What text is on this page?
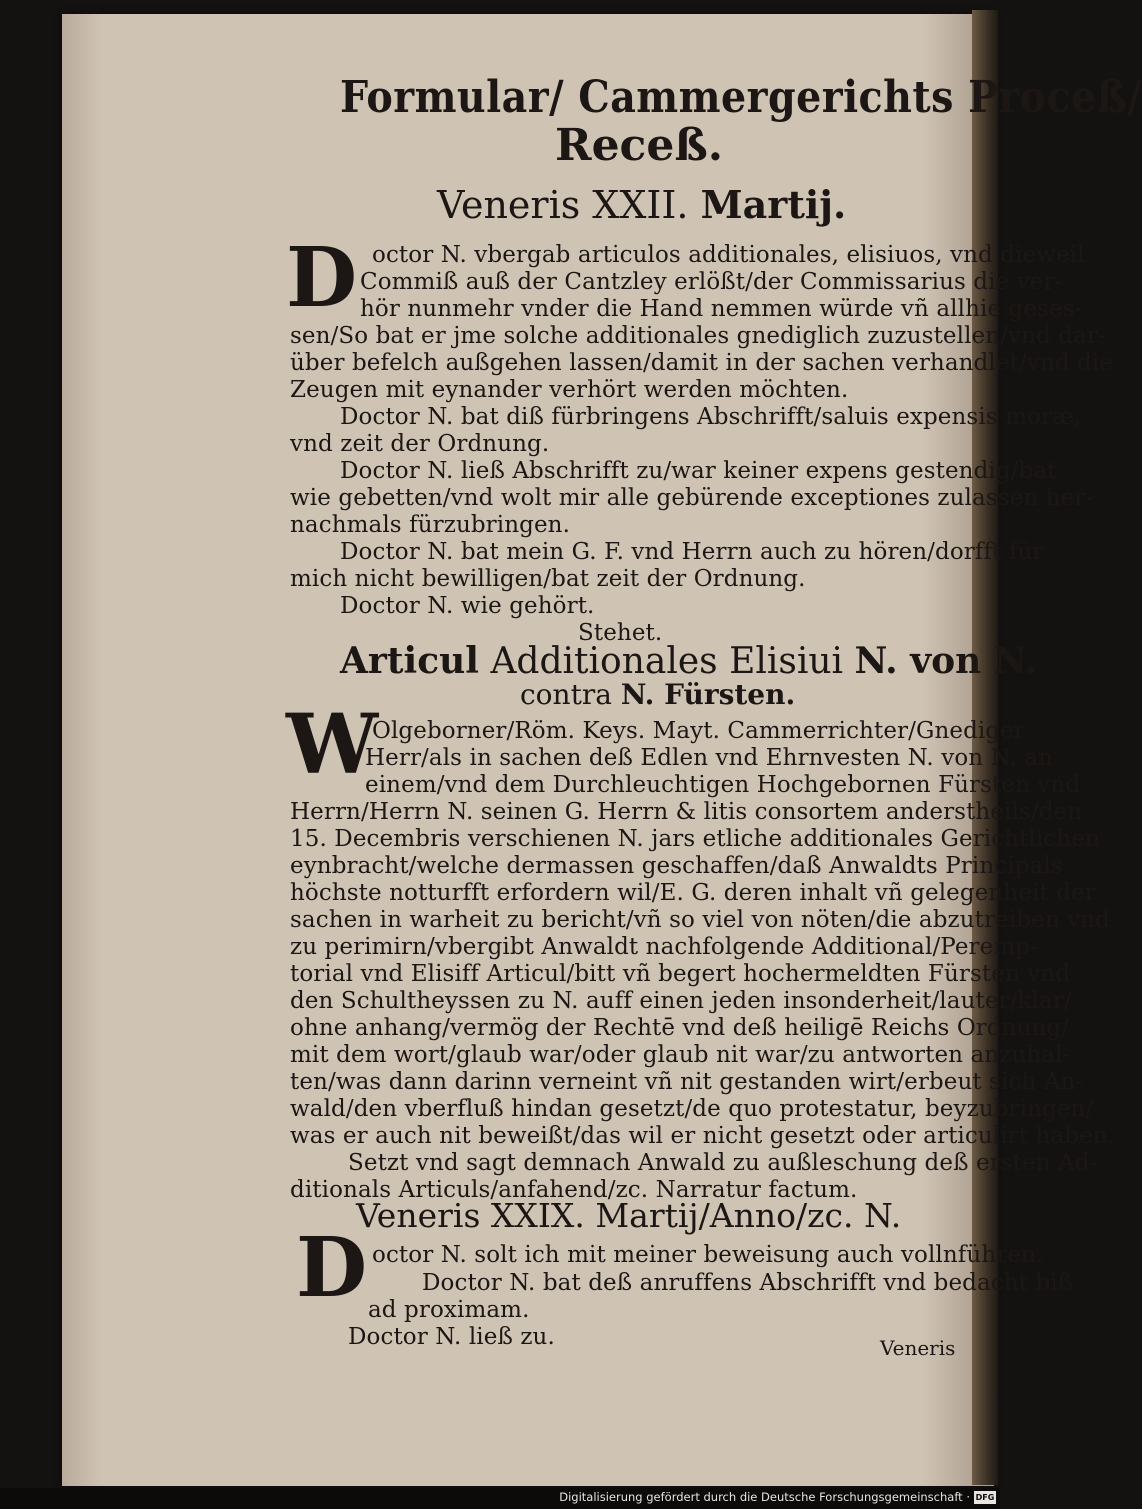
Formular/ Cammergerichts Proceß/
Receß.
Veneris XXII. Martij.
D octor N. vbergab articulos additionales, elisiuos, vnd dieweil
Commiß auß der Cantzley erlößt/der Commissarius die ver-
hör nunmehr vnder die Hand nemmen würde vñ allhie geses-
sen/So bat er jme solche additionales gnediglich zuzustellen/vnd dar-
über befelch außgehen lassen/damit in der sachen verhandlet/vnd die
Zeugen mit eynander verhört werden möchten.
Doctor N. bat diß fürbringens Abschrifft/saluis expensis moræ,
vnd zeit der Ordnung.
Doctor N. ließ Abschrifft zu/war keiner expens gestendig/bat
wie gebetten/vnd wolt mir alle gebürende exceptiones zulassen her-
nachmals fürzubringen.
Doctor N. bat mein G. F. vnd Herrn auch zu hören/dorfft für
mich nicht bewilligen/bat zeit der Ordnung.
Doctor N. wie gehört.
Stehet.
Articul Additionales Elisiui N. von N.
contra N. Fürsten.
W
Olgeborner/Röm. Keys. Mayt. Cammerrichter/Gnediger
Herr/als in sachen deß Edlen vnd Ehrnvesten N. von N. an
einem/vnd dem Durchleuchtigen Hochgebornen Fürsten vnd
Herrn/Herrn N. seinen G. Herrn & litis consortem anderstheils/den
15. Decembris verschienen N. jars etliche additionales Gerichtlichen
eynbracht/welche dermassen geschaffen/daß Anwaldts Principals
höchste notturfft erfordern wil/E. G. deren inhalt vñ gelegenheit der
sachen in warheit zu bericht/vñ so viel von nöten/die abzutreiben vnd
zu perimirn/vbergibt Anwaldt nachfolgende Additional/Peremp-
torial vnd Elisiff Articul/bitt vñ begert hochermeldten Fürsten vnd
den Schultheyssen zu N. auff einen jeden insonderheit/lauter/klar/
ohne anhang/vermög der Rechtē vnd deß heiligē Reichs Ordnung/
mit dem wort/glaub war/oder glaub nit war/zu antworten anzuhal-
ten/was dann darinn verneint vñ nit gestanden wirt/erbeut sich An-
wald/den vberfluß hindan gesetzt/de quo protestatur, beyzubringen/
was er auch nit beweißt/das wil er nicht gesetzt oder articulirt haben.
Setzt vnd sagt demnach Anwald zu außleschung deß ersten Ad-
ditionals Articuls/anfahend/zc. Narratur factum.
Veneris XXIX. Martij/Anno/zc. N.
D octor N. solt ich mit meiner beweisung auch vollnführen.
Doctor N. bat deß anruffens Abschrifft vnd bedacht biß
ad proximam.
Doctor N. ließ zu.	Veneris
Digitalisierung gefördert durch die Deutsche Forschungsgemeinschaft · DFG
